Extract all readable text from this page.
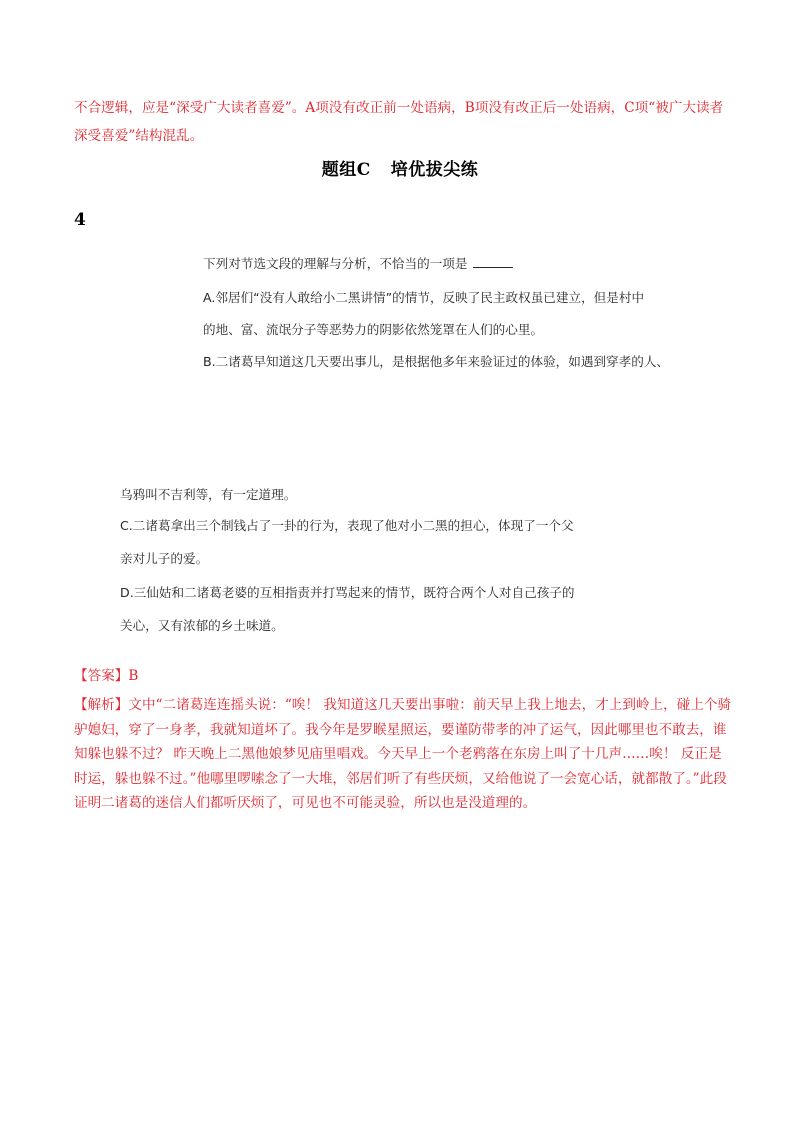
不合逻辑，应是“深受广大读者喜爱”。A项没有改正前一处语病，B项没有改正后一处语病，C项“被广大读者深受喜爱”结构混乱。

题组C 培优拔尖练

4

下列对节选文段的理解与分析，不恰当的一项是

A.邻居们“没有人敢给小二黑讲情”的情节，反映了民主政权虽已建立，但是村中

的地、富、流氓分子等恶势力的阴影依然笼罩在人们的心里。

B.二诸葛早知道这几天要出事儿，是根据他多年来验证过的体验，如遇到穿孝的人、

乌鸦叫不吉利等，有一定道理。

C.二诸葛拿出三个制钱占了一卦的行为，表现了他对小二黑的担心，体现了一个父

亲对儿子的爱。

D.三仙姑和二诸葛老婆的互相指责并打骂起来的情节，既符合两个人对自己孩子的

关心，又有浓郁的乡土味道。

【答案】B

【解析】文中“二诸葛连连摇头说：“唉！ 我知道这几天要出事啦：前天早上我上地去，才上到岭上，碰上个骑驴媳妇，穿了一身孝，我就知道坏了。我今年是罗睺星照运，要谨防带孝的冲了运气，因此哪里也不敢去，谁知躲也躲不过？ 昨天晚上二黑他娘梦见庙里唱戏。今天早上一个老鸦落在东房上叫了十几声……唉！ 反正是时运，躲也躲不过。”他哪里啰嗦念了一大堆，邻居们听了有些厌烦，又给他说了一会宽心话，就都散了。”此段证明二诸葛的迷信人们都听厌烦了，可见也不可能灵验，所以也是没道理的。
